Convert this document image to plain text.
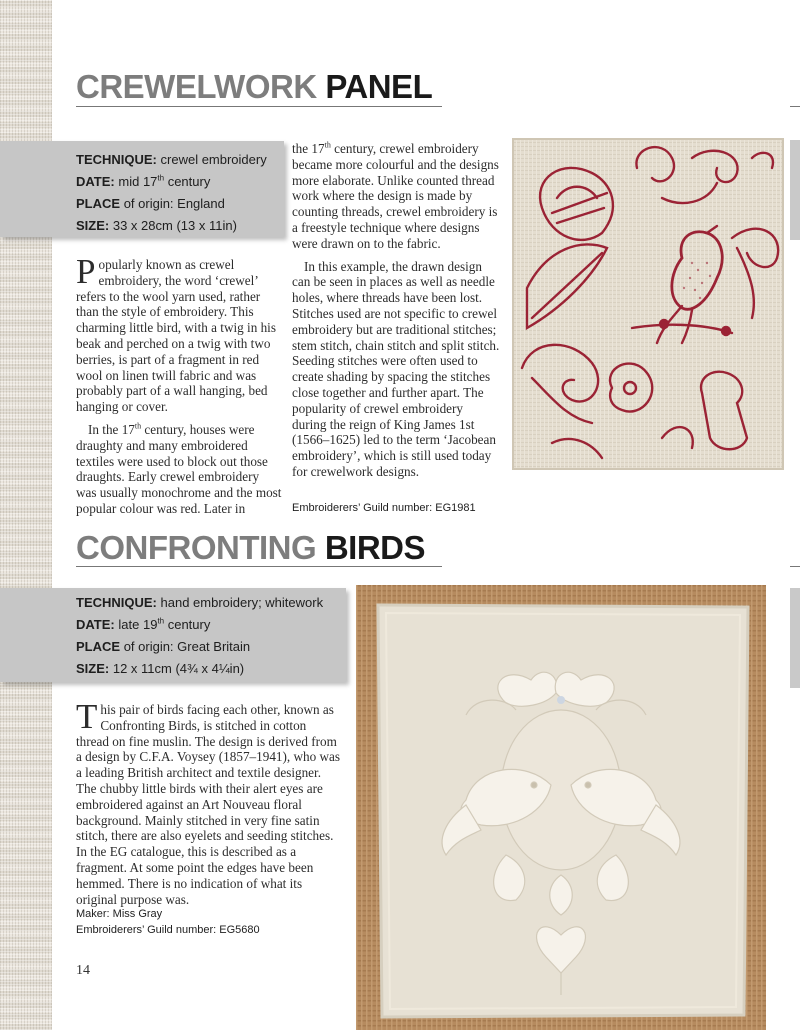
CREWELWORK PANEL
TECHNIQUE: crewel embroidery
DATE: mid 17th century
PLACE of origin: England
SIZE: 33 x 28cm (13 x 11in)

Popularly known as crewel embroidery, the word ‘crewel’ refers to the wool yarn used, rather than the style of embroidery. This charming little bird, with a twig in his beak and perched on a twig with two berries, is part of a fragment in red wool on linen twill fabric and was probably part of a wall hanging, bed hanging or cover.

In the 17th century, houses were draughty and many embroidered textiles were used to block out those draughts. Early crewel embroidery was usually monochrome and the most popular colour was red. Later in

the 17th century, crewel embroidery became more colourful and the designs more elaborate. Unlike counted thread work where the design is made by counting threads, crewel embroidery is a freestyle technique where designs were drawn on to the fabric.

In this example, the drawn design can be seen in places as well as needle holes, where threads have been lost. Stitches used are not specific to crewel embroidery but are traditional stitches; stem stitch, chain stitch and split stitch. Seeding stitches were often used to create shading by spacing the stitches close together and further apart. The popularity of crewel embroidery during the reign of King James 1st (1566–1625) led to the term ‘Jacobean embroidery’, which is still used today for crewelwork designs.

Embroiderers’ Guild number: EG1981
CONFRONTING BIRDS
TECHNIQUE: hand embroidery; whitework
DATE: late 19th century
PLACE of origin: Great Britain
SIZE: 12 x 11cm (4¾ x 4¼in)

This pair of birds facing each other, known as Confronting Birds, is stitched in cotton thread on fine muslin. The design is derived from a design by C.F.A. Voysey (1857–1941), who was a leading British architect and textile designer. The chubby little birds with their alert eyes are embroidered against an Art Nouveau floral background. Mainly stitched in very fine satin stitch, there are also eyelets and seeding stitches. In the EG catalogue, this is described as a fragment. At some point the edges have been hemmed. There is no indication of what its original purpose was.

Maker: Miss Gray
Embroiderers’ Guild number: EG5680
14
